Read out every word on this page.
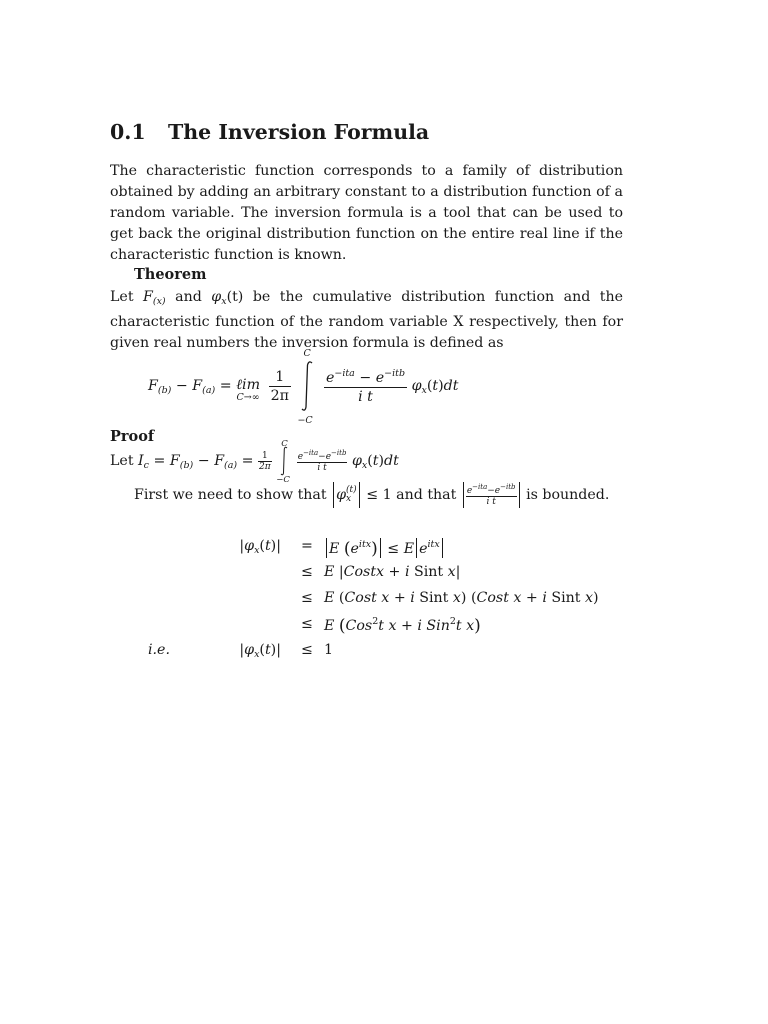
0.1 The Inversion Formula
The characteristic function corresponds to a family of distribution obtained by adding an arbitrary constant to a distribution function of a random variable. The inversion formula is a tool that can be used to get back the original distribution function on the entire real line if the characteristic function is known.
Theorem
Let $F_{(x)}$ and $\varphi_x(t)$ be the cumulative distribution function and the characteristic function of the random variable X respectively, then for given real numbers the inversion formula is defined as
$F_{(b)} - F_{(a)}$ = ℓim
C→∞
$\frac{1}{2\pi}$

C
−C

$\frac{e^{-ita} - e^{-itb}}{\text{i t}} \varphi_x(t)dt$
Proof
Let $I_c = F_{(b)} - F_{(a)} = \frac{1}{2\pi}$

C
−C

$\frac{e^{-ita}-e^{-itb}}{\text{i t}} \varphi_x(t)dt$
First we need to show that φ (t)
x	≤ 1 and that $\frac{e^{-ita}-e^{-itb}}{\text{i t}}$ is bounded.
$|\varphi_x(t)|$ =	E $(e^{itx}) \le E$ $e^{itx}$
≤ E |Costx + i Sint x|
≤ E (Cost x + i Sint x) (Cost x + i Sint x)
≤ E (Cos$^2$t x + i Sin$^2$t x)
i.e.	$|\varphi_x(t)| \le 1$
